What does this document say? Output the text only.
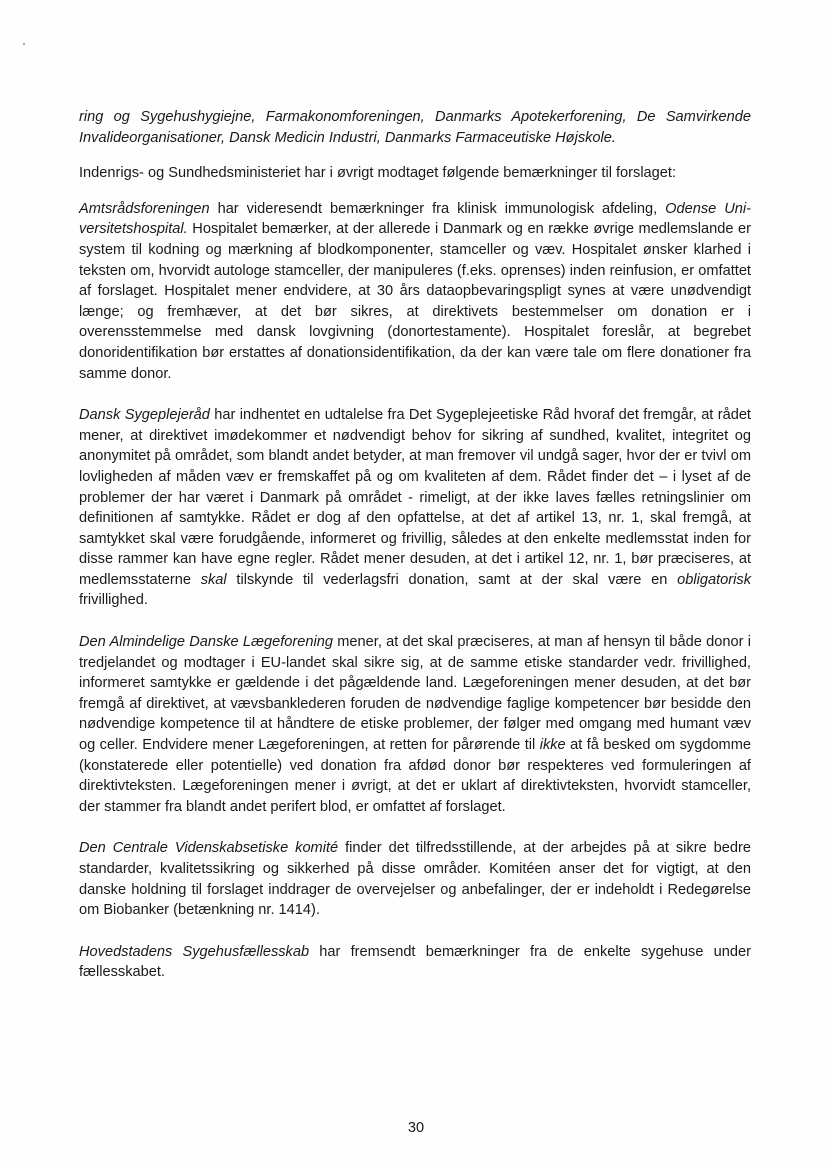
ring og Sygehushygiejne, Farmakonomforeningen, Danmarks Apotekerforening, De Samvirkende Invalideorganisationer, Dansk Medicin Industri, Danmarks Farmaceutiske Højskole.

Indenrigs- og Sundhedsministeriet har i øvrigt modtaget følgende bemærkninger til forslaget:

Amtsrådsforeningen har videresendt bemærkninger fra klinisk immunologisk afdeling, Odense Universitetshospital. Hospitalet bemærker, at der allerede i Danmark og en række øvrige medlemslande er system til kodning og mærkning af blodkomponenter, stamceller og væv. Hospitalet ønsker klarhed i teksten om, hvorvidt autologe stamceller, der manipuleres (f.eks. oprenses) inden reinfusion, er omfattet af forslaget. Hospitalet mener endvidere, at 30 års dataopbevaringspligt synes at være unødvendigt længe; og fremhæver, at det bør sikres, at direktivets bestemmelser om donation er i overensstemmelse med dansk lovgivning (donortestamente). Hospitalet foreslår, at begrebet donoridentifikation bør erstattes af donationsidentifikation, da der kan være tale om flere donationer fra samme donor.

Dansk Sygeplejeråd har indhentet en udtalelse fra Det Sygeplejeetiske Råd hvoraf det fremgår, at rådet mener, at direktivet imødekommer et nødvendigt behov for sikring af sundhed, kvalitet, integritet og anonymitet på området, som blandt andet betyder, at man fremover vil undgå sager, hvor der er tvivl om lovligheden af måden væv er fremskaffet på og om kvaliteten af dem. Rådet finder det – i lyset af de problemer der har været i Danmark på området - rimeligt, at der ikke laves fælles retningslinier om definitionen af samtykke. Rådet er dog af den opfattelse, at det af artikel 13, nr. 1, skal fremgå, at samtykket skal være forudgående, informeret og frivillig, således at den enkelte medlemsstat inden for disse rammer kan have egne regler. Rådet mener desuden, at det i artikel 12, nr. 1, bør præciseres, at medlemsstaterne skal tilskynde til vederlagsfri donation, samt at der skal være en obligatorisk frivillighed.

Den Almindelige Danske Lægeforening mener, at det skal præciseres, at man af hensyn til både donor i tredjelandet og modtager i EU-landet skal sikre sig, at de samme etiske standarder vedr. frivillighed, informeret samtykke er gældende i det pågældende land. Lægeforeningen mener desuden, at det bør fremgå af direktivet, at vævsbanklederen foruden de nødvendige faglige kompetencer bør besidde den nødvendige kompetence til at håndtere de etiske problemer, der følger med omgang med humant væv og celler. Endvidere mener Lægeforeningen, at retten for pårørende til ikke at få besked om sygdomme (konstaterede eller potentielle) ved donation fra afdød donor bør respekteres ved formuleringen af direktivteksten. Lægeforeningen mener i øvrigt, at det er uklart af direktivteksten, hvorvidt stamceller, der stammer fra blandt andet perifert blod, er omfattet af forslaget.

Den Centrale Videnskabsetiske komité finder det tilfredsstillende, at der arbejdes på at sikre bedre standarder, kvalitetssikring og sikkerhed på disse områder. Komitéen anser det for vigtigt, at den danske holdning til forslaget inddrager de overvejelser og anbefalinger, der er indeholdt i Redegørelse om Biobanker (betænkning nr. 1414).

Hovedstadens Sygehusfællesskab har fremsendt bemærkninger fra de enkelte sygehuse under fællesskabet.

30
